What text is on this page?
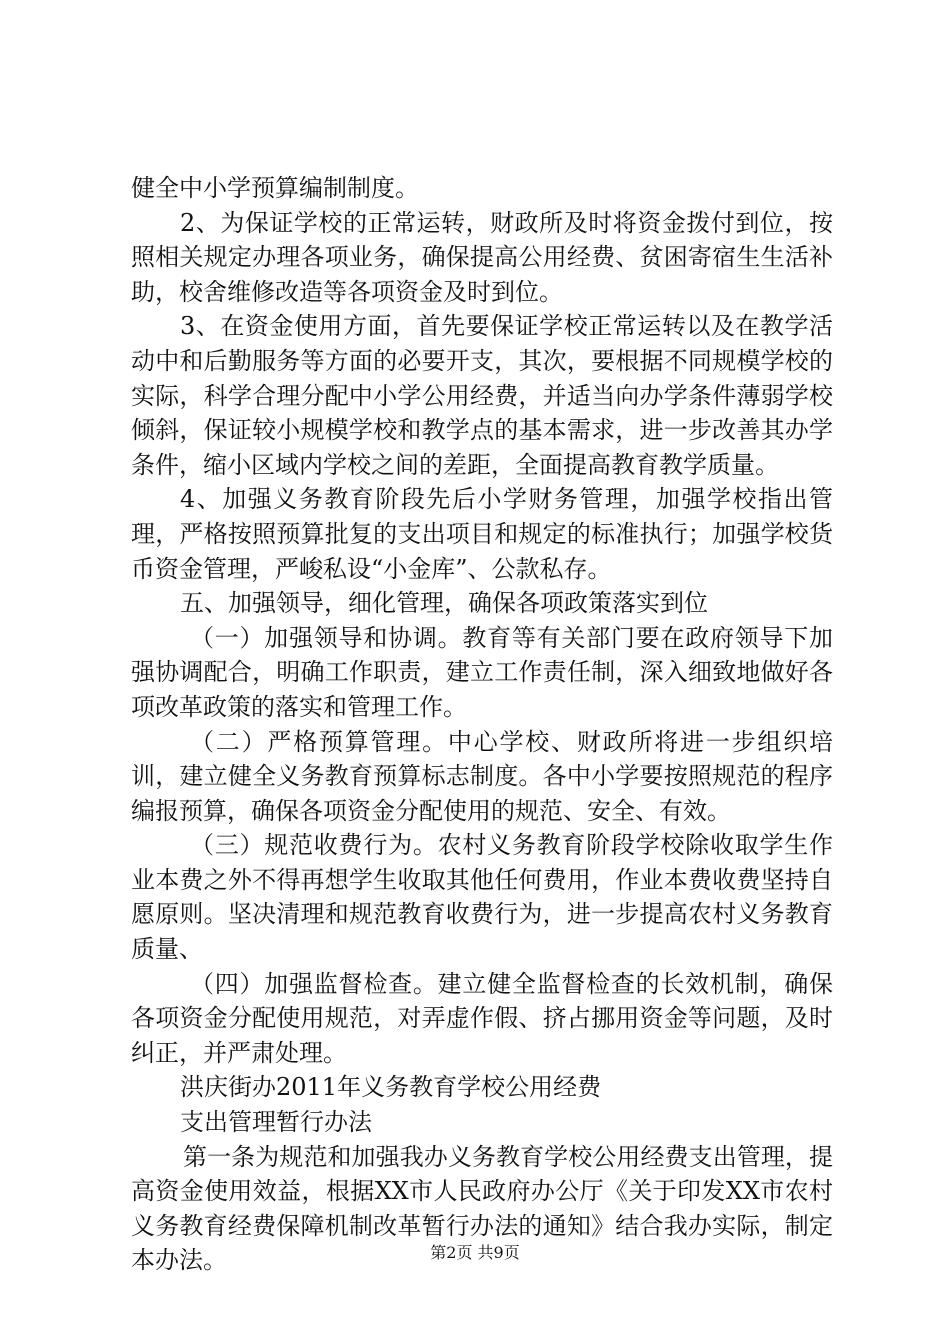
健全中小学预算编制制度。

2、为保证学校的正常运转，财政所及时将资金拨付到位，按照相关规定办理各项业务，确保提高公用经费、贫困寄宿生生活补助，校舍维修改造等各项资金及时到位。

3、在资金使用方面，首先要保证学校正常运转以及在教学活动中和后勤服务等方面的必要开支，其次，要根据不同规模学校的实际，科学合理分配中小学公用经费，并适当向办学条件薄弱学校倾斜，保证较小规模学校和教学点的基本需求，进一步改善其办学条件，缩小区域内学校之间的差距，全面提高教育教学质量。

4、加强义务教育阶段先后小学财务管理，加强学校指出管理，严格按照预算批复的支出项目和规定的标准执行；加强学校货币资金管理，严峻私设“小金库”、公款私存。

五、加强领导，细化管理，确保各项政策落实到位

（一）加强领导和协调。教育等有关部门要在政府领导下加强协调配合，明确工作职责，建立工作责任制，深入细致地做好各项改革政策的落实和管理工作。

（二）严格预算管理。中心学校、财政所将进一步组织培训，建立健全义务教育预算标志制度。各中小学要按照规范的程序编报预算，确保各项资金分配使用的规范、安全、有效。

（三）规范收费行为。农村义务教育阶段学校除收取学生作业本费之外不得再想学生收取其他任何费用，作业本费收费坚持自愿原则。坚决清理和规范教育收费行为，进一步提高农村义务教育质量、

（四）加强监督检查。建立健全监督检查的长效机制，确保各项资金分配使用规范，对弄虚作假、挤占挪用资金等问题，及时纠正，并严肃处理。

洪庆街办2011年义务教育学校公用经费

支出管理暂行办法

第一条为规范和加强我办义务教育学校公用经费支出管理，提高资金使用效益，根据XX市人民政府办公厅《关于印发XX市农村义务教育经费保障机制改革暂行办法的通知》结合我办实际，制定本办法。	第2页 共9页
